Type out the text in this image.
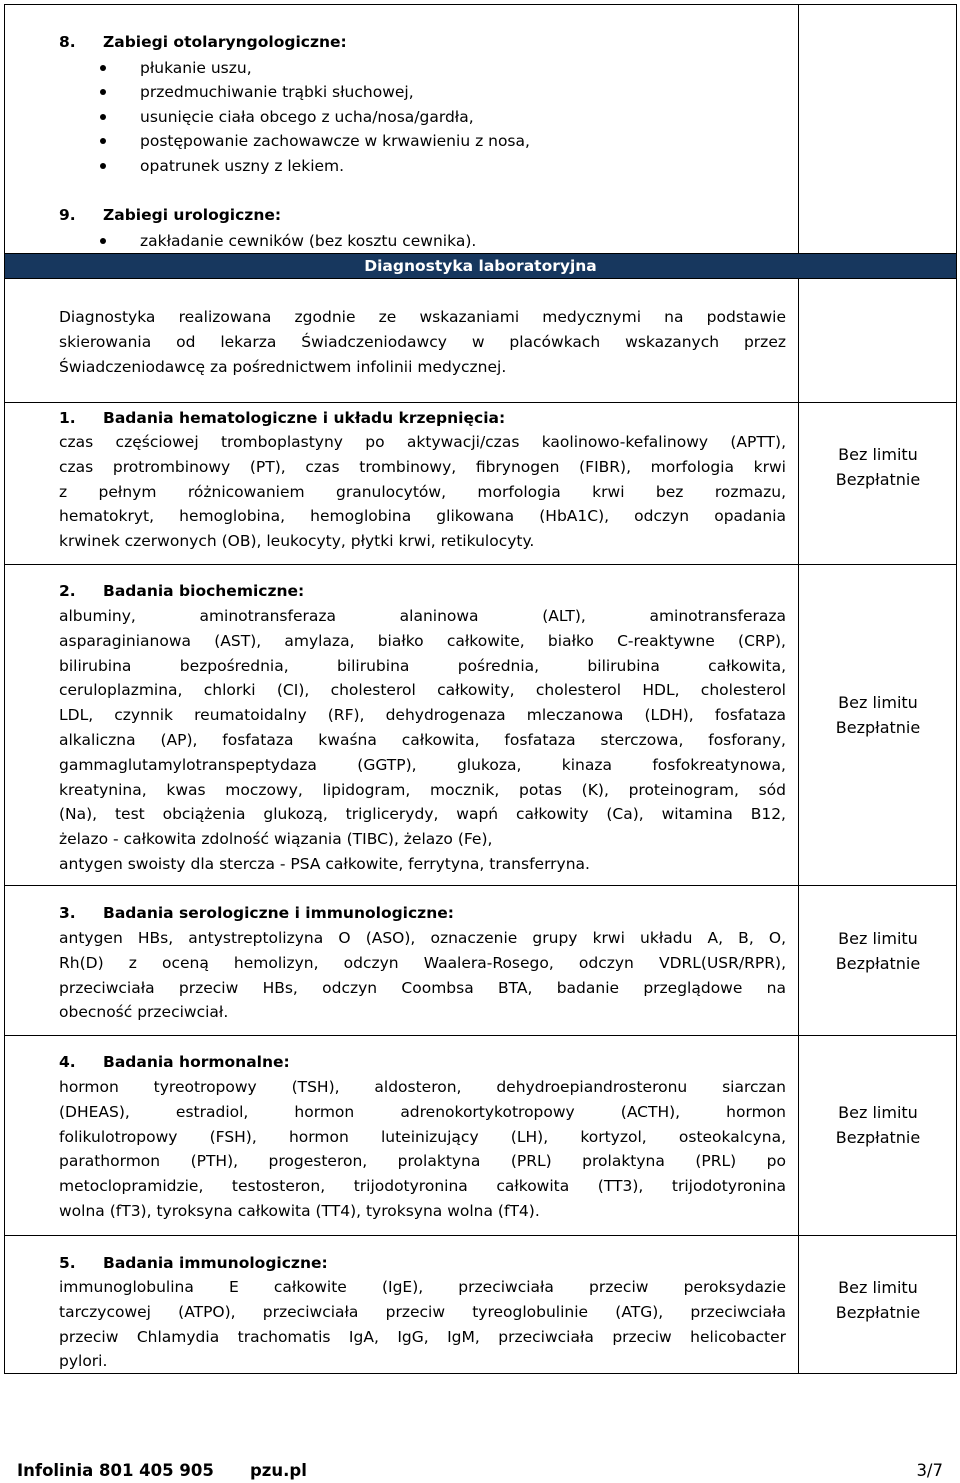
8. Zabiegi otolaryngologiczne:
płukanie uszu,
przedmuchiwanie trąbki słuchowej,
usunięcie ciała obcego z ucha/nosa/gardła,
postępowanie zachowawcze w krwawieniu z nosa,
opatrunek uszny z lekiem.
9. Zabiegi urologiczne:
zakładanie cewników (bez kosztu cewnika).
Diagnostyka laboratoryjna
Diagnostyka realizowana zgodnie ze wskazaniami medycznymi na podstawie
skierowania od lekarza Świadczeniodawcy w placówkach wskazanych przez
Świadczeniodawcę za pośrednictwem infolinii medycznej.
1. Badania hematologiczne i układu krzepnięcia:
czas częściowej tromboplastyny po aktywacji/czas kaolinowo-kefalinowy (APTT),
czas protrombinowy (PT), czas trombinowy, fibrynogen (FIBR), morfologia krwi
z pełnym różnicowaniem granulocytów, morfologia krwi bez rozmazu,
hematokryt, hemoglobina, hemoglobina glikowana (HbA1C), odczyn opadania
krwinek czerwonych (OB), leukocyty, płytki krwi, retikulocyty.
Bez limitu
Bezpłatnie
2. Badania biochemiczne:
albuminy, aminotransferaza alaninowa (ALT), aminotransferaza
asparaginianowa (AST), amylaza, białko całkowite, białko C-reaktywne (CRP),
bilirubina bezpośrednia, bilirubina pośrednia, bilirubina całkowita,
ceruloplazmina, chlorki (CI), cholesterol całkowity, cholesterol HDL, cholesterol
LDL, czynnik reumatoidalny (RF), dehydrogenaza mleczanowa (LDH), fosfataza
alkaliczna (AP), fosfataza kwaśna całkowita, fosfataza sterczowa, fosforany,
gammaglutamylotranspeptydaza (GGTP), glukoza, kinaza fosfokreatynowa,
kreatynina, kwas moczowy, lipidogram, mocznik, potas (K), proteinogram, sód
(Na), test obciążenia glukozą, triglicerydy, wapń całkowity (Ca), witamina B12,
żelazo - całkowita zdolność wiązania (TIBC), żelazo (Fe),
antygen swoisty dla stercza - PSA całkowite, ferrytyna, transferryna.
Bez limitu
Bezpłatnie
3. Badania serologiczne i immunologiczne:
antygen HBs, antystreptolizyna O (ASO), oznaczenie grupy krwi układu A, B, O,
Rh(D) z oceną hemolizyn, odczyn Waalera-Rosego, odczyn VDRL(USR/RPR),
przeciwciała przeciw HBs, odczyn Coombsa BTA, badanie przeglądowe na
obecność przeciwciał.
Bez limitu
Bezpłatnie
4. Badania hormonalne:
hormon tyreotropowy (TSH), aldosteron, dehydroepiandrosteronu siarczan
(DHEAS), estradiol, hormon adrenokortykotropowy (ACTH), hormon
folikulotropowy (FSH), hormon luteinizujący (LH), kortyzol, osteokalcyna,
parathormon (PTH), progesteron, prolaktyna (PRL) prolaktyna (PRL) po
metoclopramidzie, testosteron, trijodotyronina całkowita (TT3), trijodotyronina
wolna (fT3), tyroksyna całkowita (TT4), tyroksyna wolna (fT4).
Bez limitu
Bezpłatnie
5. Badania immunologiczne:
immunoglobulina E całkowite (IgE), przeciwciała przeciw peroksydazie
tarczycowej (ATPO), przeciwciała przeciw tyreoglobulinie (ATG), przeciwciała
przeciw Chlamydia trachomatis IgA, IgG, IgM, przeciwciała przeciw helicobacter
pylori.
Bez limitu
Bezpłatnie
Infolinia 801 405 905 pzu.pl	3/7
